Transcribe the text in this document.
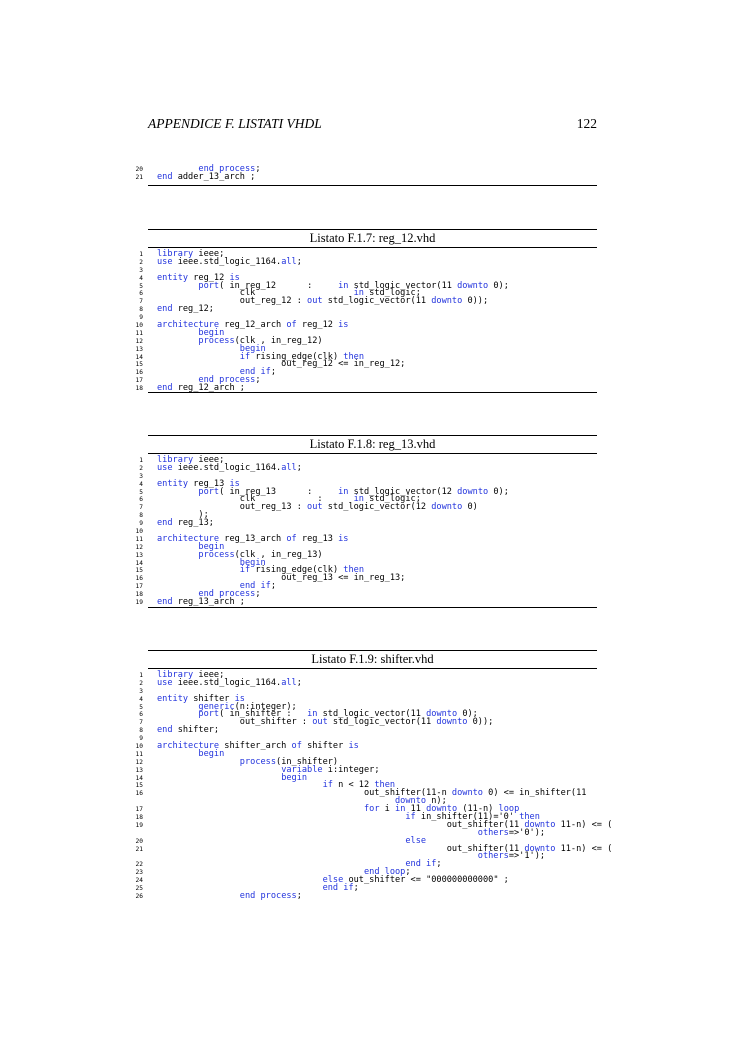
APPENDICE F. LISTATI VHDL	122
20	end process;
21 end adder_13_arch ;
Listato F.1.7: reg_12.vhd
1 library ieee;
2 use ieee.std_logic_1164.all;
3
4 entity reg_12 is
5	port( in_reg_12      :     in std_logic_vector(11 downto 0);
6 clk                   in std_logic;
7 out_reg_12 : out std_logic_vector(11 downto 0));
8 end reg_12;
9
10 architecture reg_12_arch of reg_12 is
11	begin
12	process(clk , in_reg_12)
13	begin
14	if rising_edge(clk) then
15 out_reg_12 <= in_reg_12;
16	end if;
17	end process;
18 end reg_12_arch ;
Listato F.1.8: reg_13.vhd
1 library ieee;
2 use ieee.std_logic_1164.all;
3
4 entity reg_13 is
5	port( in_reg_13      :     in std_logic_vector(12 downto 0);
6 clk            :      in std_logic;
7 out_reg_13 : out std_logic_vector(12 downto 0)
8 );
9 end reg_13;
10
11 architecture reg_13_arch of reg_13 is
12	begin
13	process(clk , in_reg_13)
14	begin
15	if rising_edge(clk) then
16 out_reg_13 <= in_reg_13;
17	end if;
18	end process;
19 end reg_13_arch ;
Listato F.1.9: shifter.vhd
1 library ieee;
2 use ieee.std_logic_1164.all;
3
4 entity shifter is
5	generic(n:integer);
6	port( in_shifter :   in std_logic_vector(11 downto 0);
7 out_shifter : out std_logic_vector(11 downto 0));
8 end shifter;
9
10 architecture shifter_arch of shifter is
11	begin
12	process(in_shifter)
13	variable i:integer;
14	begin
15	if n < 12 then
16 out_shifter(11-n downto 0) <= in_shifter(11
downto n);
17	for i in 11 downto (11-n) loop
18	if in_shifter(11)='0' then
19 out_shifter(11 downto 11-n) <= (
others=>'0');
20	else
21 out_shifter(11 downto 11-n) <= (
others=>'1');
22	end if;
23	end loop;
24	else out_shifter <= "000000000000" ;
25	end if;
26	end process;
